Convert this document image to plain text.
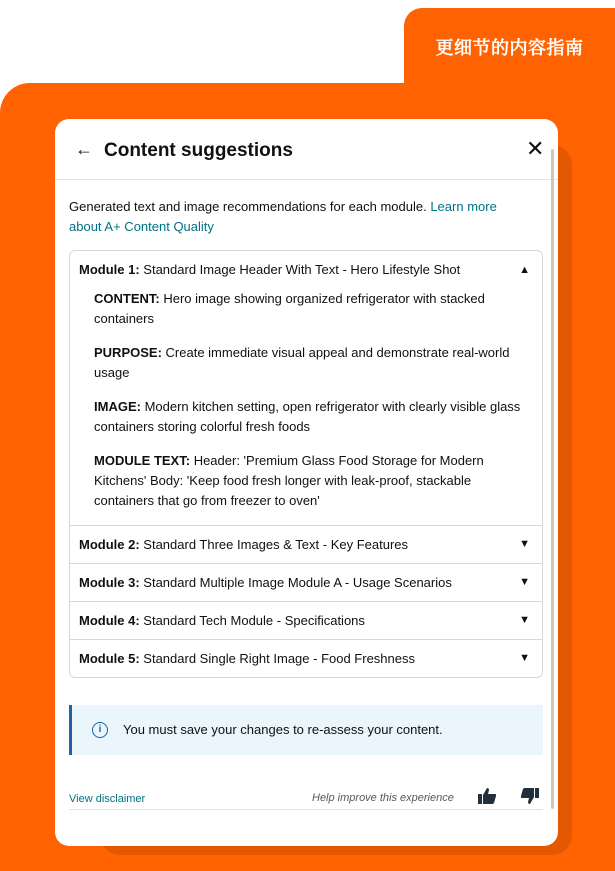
更细节的内容指南
← Content suggestions	✕
Generated text and image recommendations for each module. Learn more about A+ Content Quality
Module 1: Standard Image Header With Text - Hero Lifestyle Shot	▲
CONTENT: Hero image showing organized refrigerator with stacked containers
PURPOSE: Create immediate visual appeal and demonstrate real-world usage
IMAGE: Modern kitchen setting, open refrigerator with clearly visible glass containers storing colorful fresh foods
MODULE TEXT: Header: 'Premium Glass Food Storage for Modern Kitchens' Body: 'Keep food fresh longer with leak-proof, stackable containers that go from freezer to oven'
Module 2: Standard Three Images & Text - Key Features	▼
Module 3: Standard Multiple Image Module A - Usage Scenarios	▼
Module 4: Standard Tech Module - Specifications	▼
Module 5: Standard Single Right Image - Food Freshness	▼
i	You must save your changes to re-assess your content.
View disclaimer	Help improve this experience
